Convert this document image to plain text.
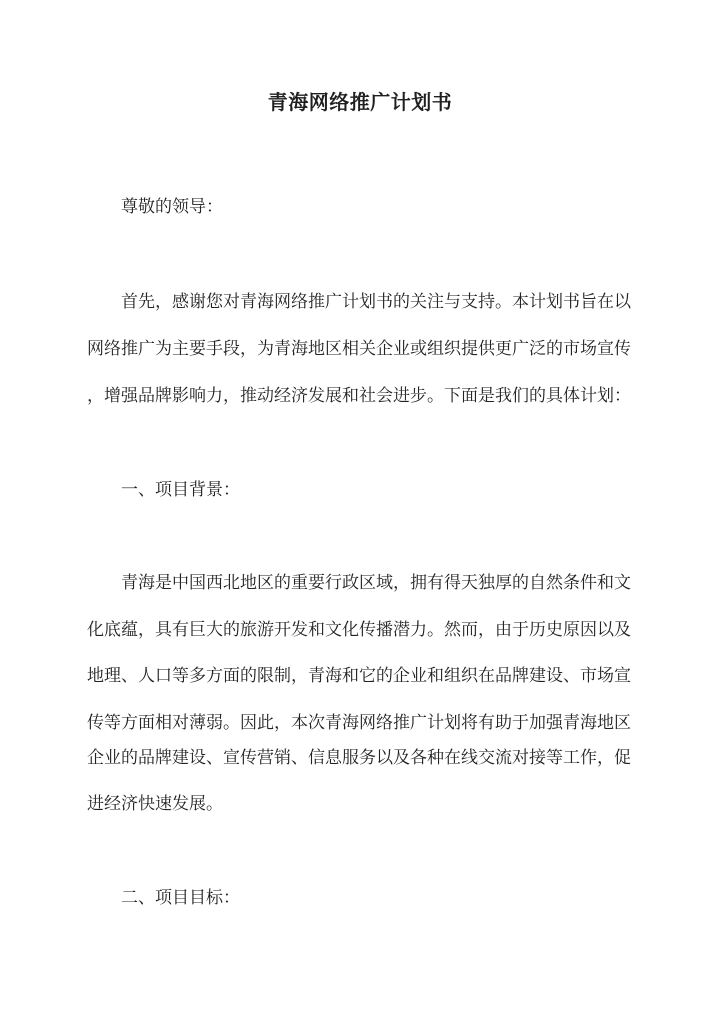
青海网络推广计划书
尊敬的领导：
首先，感谢您对青海网络推广计划书的关注与支持。本计划书旨在以
网络推广为主要手段，为青海地区相关企业或组织提供更广泛的市场宣传
，增强品牌影响力，推动经济发展和社会进步。下面是我们的具体计划：
一、项目背景：
青海是中国西北地区的重要行政区域，拥有得天独厚的自然条件和文
化底蕴，具有巨大的旅游开发和文化传播潜力。然而，由于历史原因以及
地理、人口等多方面的限制，青海和它的企业和组织在品牌建设、市场宣
传等方面相对薄弱。因此，本次青海网络推广计划将有助于加强青海地区
企业的品牌建设、宣传营销、信息服务以及各种在线交流对接等工作，促
进经济快速发展。
二、项目目标：
